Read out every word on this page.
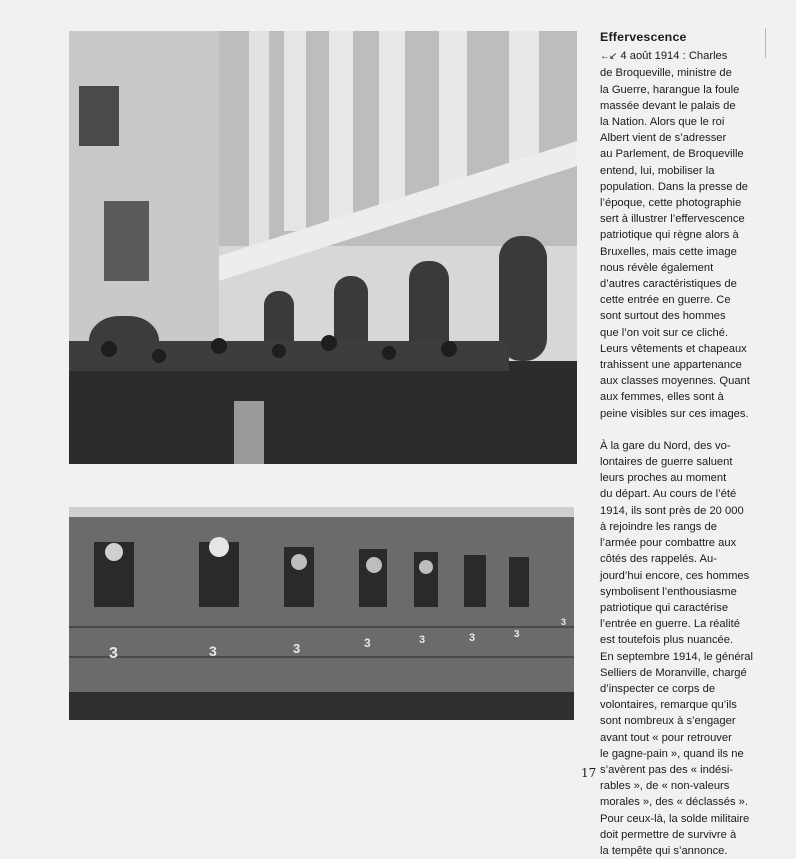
3	3	3	3	3	3	3
3
Effervescence

←↙ 4 août 1914 : Charles
de Broqueville, ministre de
la Guerre, harangue la foule
massée devant le palais de
la Nation. Alors que le roi
Albert vient de s’adresser
au Parlement, de Broqueville
entend, lui, mobiliser la
population. Dans la presse de
l’époque, cette photographie
sert à illustrer l’effervescence
patriotique qui règne alors à
Bruxelles, mais cette image
nous révèle également
d’autres caractéristiques de
cette entrée en guerre. Ce
sont surtout des hommes
que l’on voit sur ce cliché.
Leurs vêtements et chapeaux
trahissent une appartenance
aux classes moyennes. Quant
aux femmes, elles sont à
peine visibles sur ces images.

À la gare du Nord, des vo-
lontaires de guerre saluent
leurs proches au moment
du départ. Au cours de l’été
1914, ils sont près de 20 000
à rejoindre les rangs de
l’armée pour combattre aux
côtés des rappelés. Au-
jourd’hui encore, ces hommes
symbolisent l’enthousiasme
patriotique qui caractérise
l’entrée en guerre. La réalité
est toutefois plus nuancée.
En septembre 1914, le général
Selliers de Moranville, chargé
d’inspecter ce corps de
volontaires, remarque qu’ils
sont nombreux à s’engager
avant tout « pour retrouver
le gagne-pain », quand ils ne
s’avèrent pas des « indési-
rables », de « non-valeurs
morales », des « déclassés ».
Pour ceux-là, la solde militaire
doit permettre de survivre à
la tempête qui s’annonce.

17
